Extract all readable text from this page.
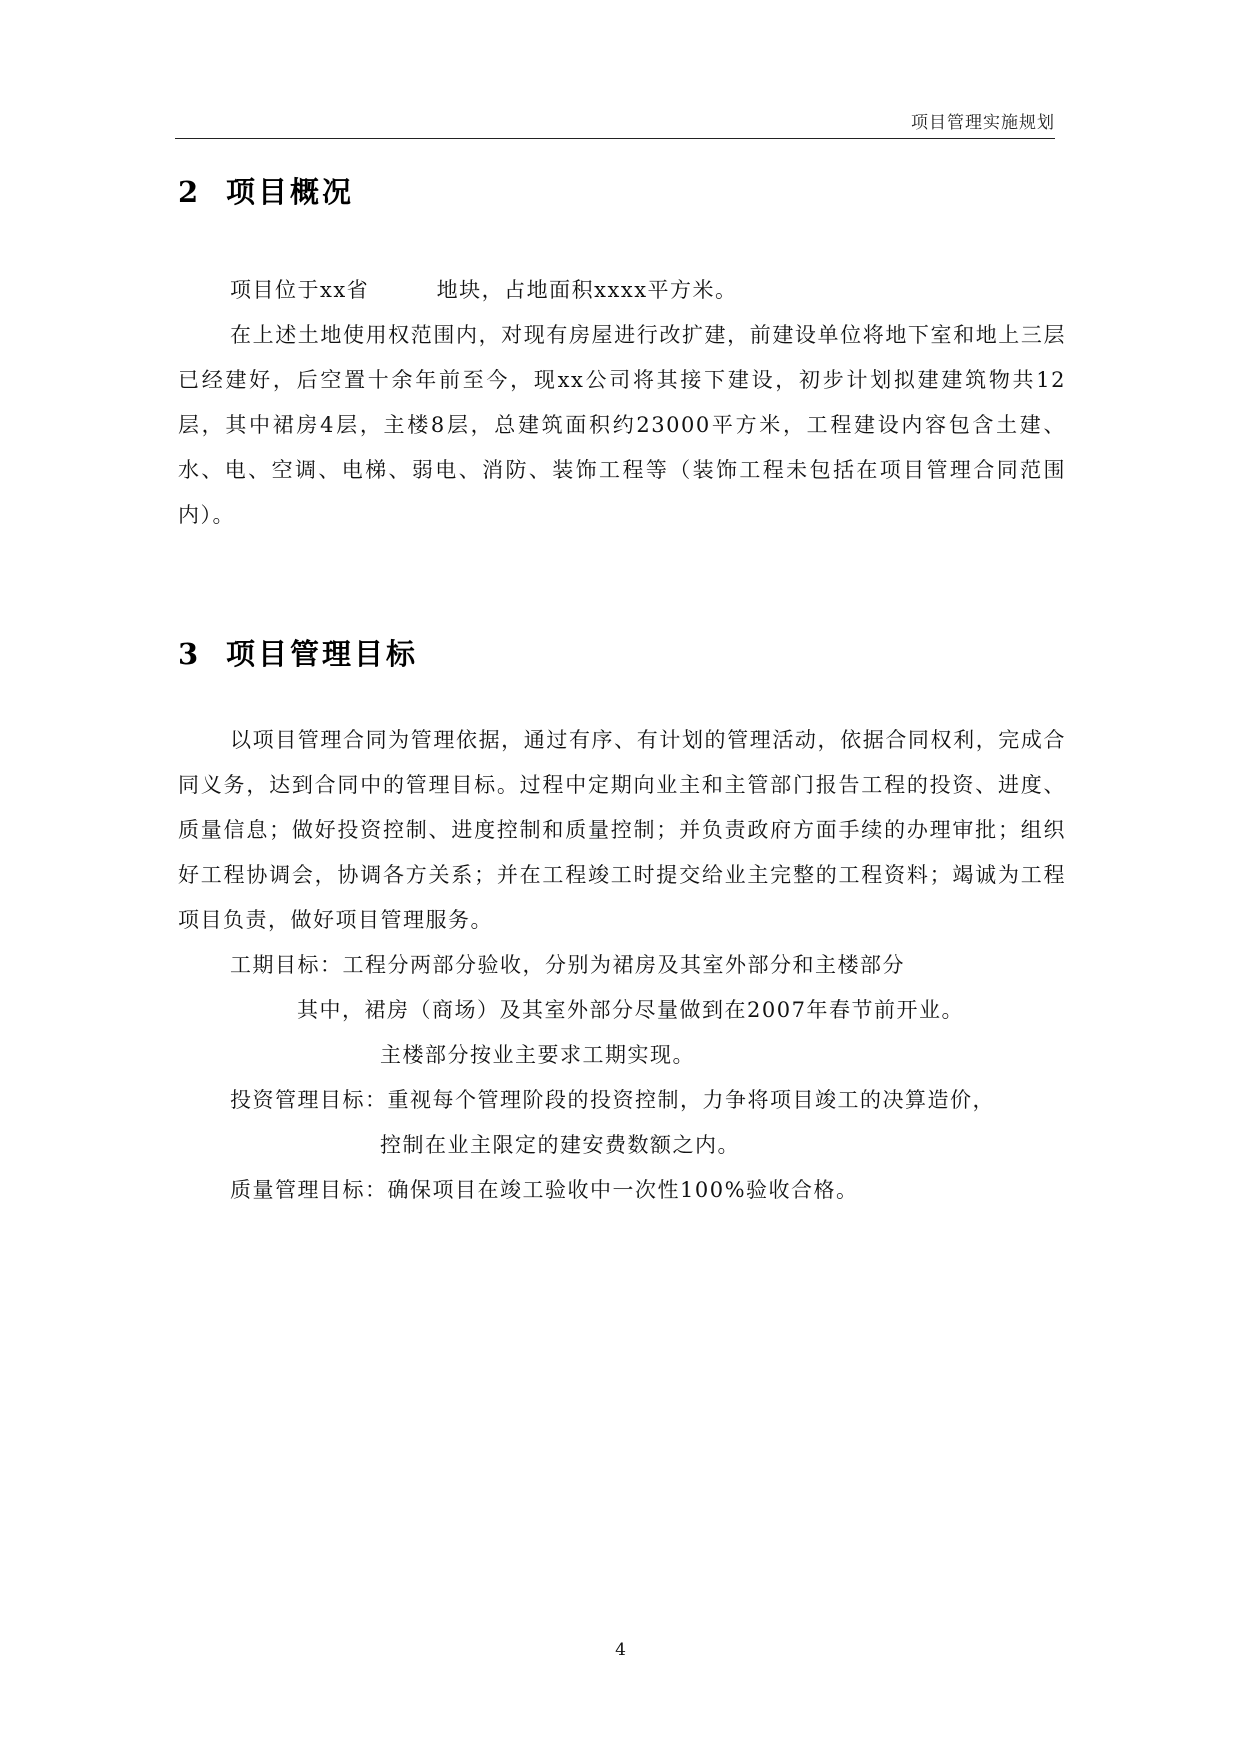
项目管理实施规划
2 项目概况

项目位于xx省　　　地块，占地面积xxxx平方米。

在上述土地使用权范围内，对现有房屋进行改扩建，前建设单位将地下室和地上三层已经建好，后空置十余年前至今，现xx公司将其接下建设，初步计划拟建建筑物共12层，其中裙房4层，主楼8层，总建筑面积约23000平方米，工程建设内容包含土建、水、电、空调、电梯、弱电、消防、装饰工程等（装饰工程未包括在项目管理合同范围内）。

3 项目管理目标

以项目管理合同为管理依据，通过有序、有计划的管理活动，依据合同权利，完成合同义务，达到合同中的管理目标。过程中定期向业主和主管部门报告工程的投资、进度、质量信息；做好投资控制、进度控制和质量控制；并负责政府方面手续的办理审批；组织好工程协调会，协调各方关系；并在工程竣工时提交给业主完整的工程资料；竭诚为工程项目负责，做好项目管理服务。

工期目标：工程分两部分验收，分别为裙房及其室外部分和主楼部分

其中，裙房（商场）及其室外部分尽量做到在2007年春节前开业。

主楼部分按业主要求工期实现。

投资管理目标：重视每个管理阶段的投资控制，力争将项目竣工的决算造价，

控制在业主限定的建安费数额之内。

质量管理目标：确保项目在竣工验收中一次性100%验收合格。

4
